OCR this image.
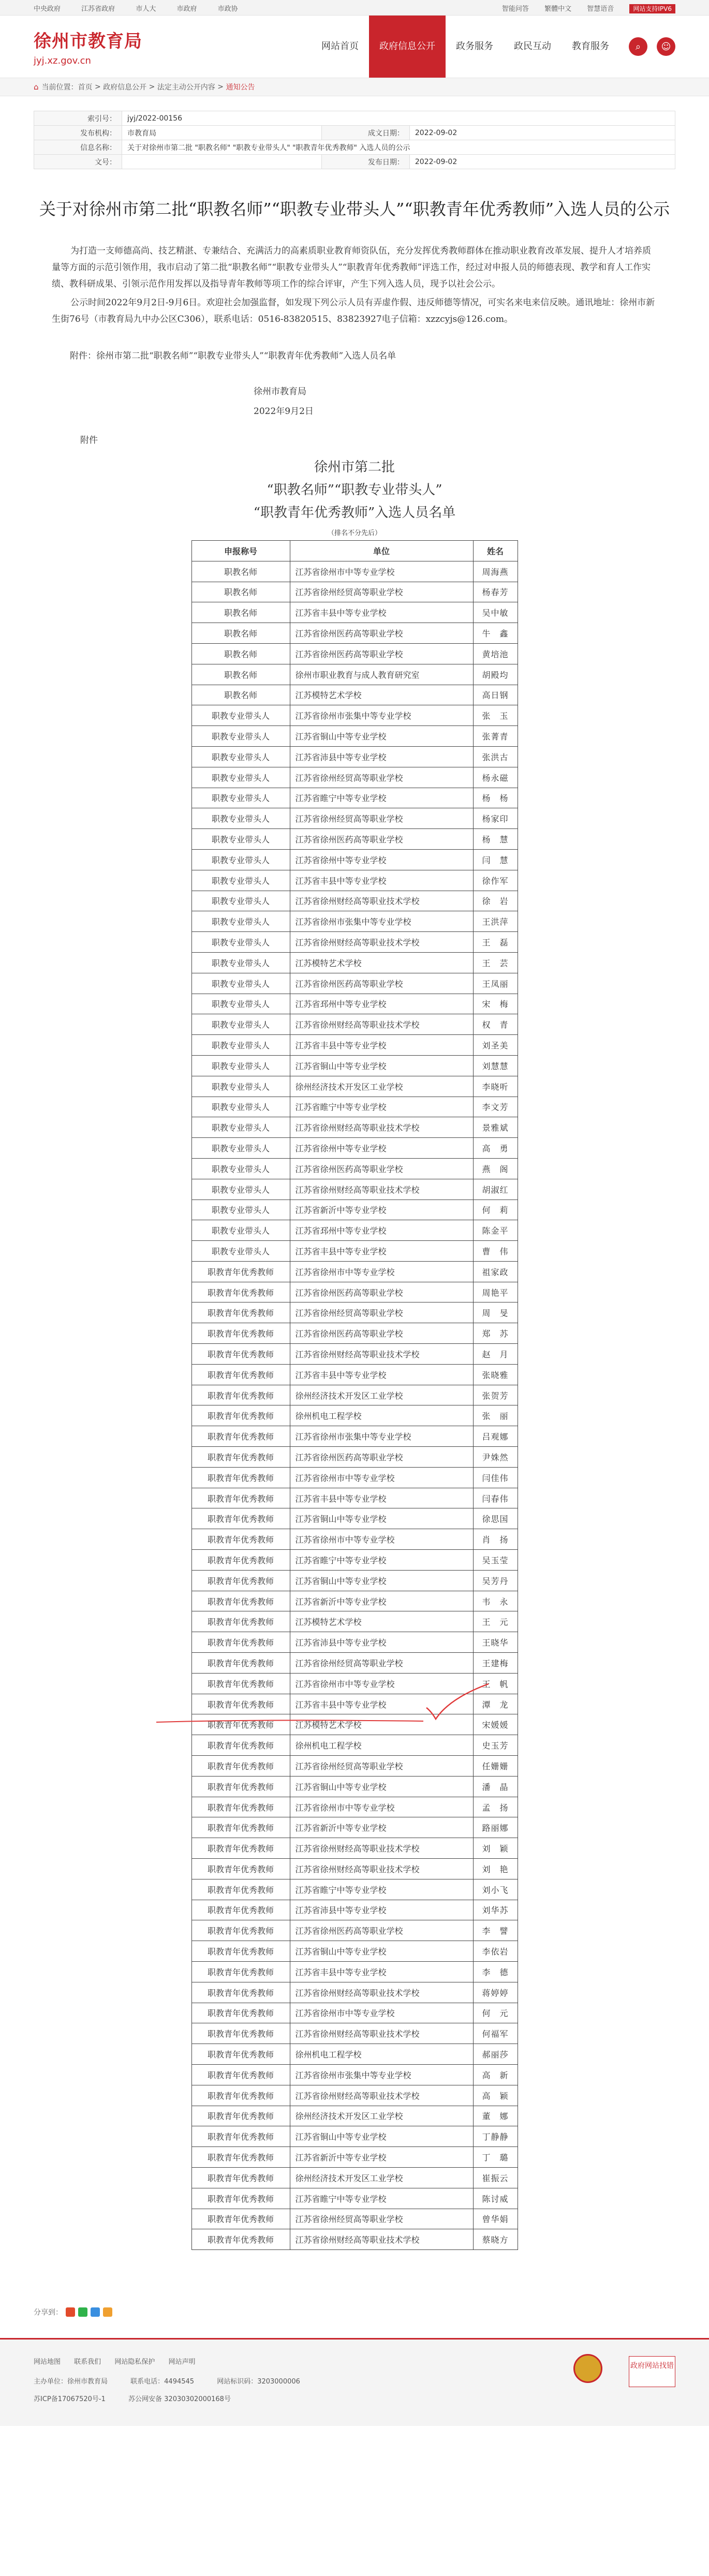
中央政府	江苏省政府	市人大	市政府	市政协	智能问答 繁體中文 智慧语音	网站支持IPV6
徐州市教育局
jyj.xz.gov.cn
网站首页	政府信息公开	政务服务	政民互动	教育服务	⌕	☺
⌂ 当前位置： 首页 > 政府信息公开 > 法定主动公开内容 > 通知公告
索引号：	jyj/2022-00156		
发布机构：	市教育局	成文日期：	2022-09-02
信息名称：	关于对徐州市第二批 "职教名师" "职教专业带头人" "职教青年优秀教师" 入选人员的公示		
文号：		发布日期：	2022-09-02
关于对徐州市第二批“职教名师”“职教专业带头人”“职教青年优秀教师”入选人员的公示
为打造一支师德高尚、技艺精湛、专兼结合、充满活力的高素质职业教育师资队伍，充分发挥优秀教师群体在推动职业教育改革发展、提升人才培养质量等方面的示范引领作用，我市启动了第二批“职教名师”“职教专业带头人”“职教青年优秀教师”评选工作，经过对申报人员的师德表现、教学和育人工作实绩、教科研成果、引领示范作用发挥以及指导青年教师等项工作的综合评审，产生下列入选人员，现予以社会公示。
公示时间2022年9月2日-9月6日。欢迎社会加强监督，如发现下列公示人员有弄虚作假、违反师德等情况，可实名来电来信反映。通讯地址：徐州市新生街76号（市教育局九中办公区C306），联系电话：0516-83820515、83823927电子信箱：xzzcyjs@126.com。
附件：徐州市第二批“职教名师”“职教专业带头人”“职教青年优秀教师”入选人员名单
徐州市教育局
2022年9月2日
附件
徐州市第二批
“职教名师”“职教专业带头人”
“职教青年优秀教师”入选人员名单
（排名不分先后）
申报称号	单位	姓名
职教名师	江苏省徐州市中等专业学校	周海燕
职教名师	江苏省徐州经贸高等职业学校	杨春芳
职教名师	江苏省丰县中等专业学校	吴中敏
职教名师	江苏省徐州医药高等职业学校	牛　鑫
职教名师	江苏省徐州医药高等职业学校	黄培池
职教名师	徐州市职业教育与成人教育研究室	胡殿均
职教名师	江苏模特艺术学校	高日钢
职教专业带头人	江苏省徐州市张集中等专业学校	张　玉
职教专业带头人	江苏省铜山中等专业学校	张菁青
职教专业带头人	江苏省沛县中等专业学校	张洪古
职教专业带头人	江苏省徐州经贸高等职业学校	杨永磁
职教专业带头人	江苏省睢宁中等专业学校	杨　杨
职教专业带头人	江苏省徐州经贸高等职业学校	杨家印
职教专业带头人	江苏省徐州医药高等职业学校	杨　慧
职教专业带头人	江苏省徐州中等专业学校	闫　慧
职教专业带头人	江苏省丰县中等专业学校	徐作军
职教专业带头人	江苏省徐州财经高等职业技术学校	徐　岩
职教专业带头人	江苏省徐州市张集中等专业学校	王洪萍
职教专业带头人	江苏省徐州财经高等职业技术学校	王　磊
职教专业带头人	江苏模特艺术学校	王　芸
职教专业带头人	江苏省徐州医药高等职业学校	王凤丽
职教专业带头人	江苏省邳州中等专业学校	宋　梅
职教专业带头人	江苏省徐州财经高等职业技术学校	权　青
职教专业带头人	江苏省丰县中等专业学校	刘圣美
职教专业带头人	江苏省铜山中等专业学校	刘慧慧
职教专业带头人	徐州经济技术开发区工业学校	李晓听
职教专业带头人	江苏省睢宁中等专业学校	李文芳
职教专业带头人	江苏省徐州财经高等职业技术学校	景雅斌
职教专业带头人	江苏省徐州中等专业学校	高　勇
职教专业带头人	江苏省徐州医药高等职业学校	燕　阁
职教专业带头人	江苏省徐州财经高等职业技术学校	胡淑红
职教专业带头人	江苏省新沂中等专业学校	何　莉
职教专业带头人	江苏省邳州中等专业学校	陈金平
职教专业带头人	江苏省丰县中等专业学校	曹　伟
职教青年优秀教师	江苏省徐州市中等专业学校	祖家政
职教青年优秀教师	江苏省徐州医药高等职业学校	周艳平
职教青年优秀教师	江苏省徐州经贸高等职业学校	周　旻
职教青年优秀教师	江苏省徐州医药高等职业学校	郑　苏
职教青年优秀教师	江苏省徐州财经高等职业技术学校	赵　月
职教青年优秀教师	江苏省丰县中等专业学校	张晓雅
职教青年优秀教师	徐州经济技术开发区工业学校	张贺芳
职教青年优秀教师	徐州机电工程学校	张　丽
职教青年优秀教师	江苏省徐州市张集中等专业学校	吕观娜
职教青年优秀教师	江苏省徐州医药高等职业学校	尹姝然
职教青年优秀教师	江苏省徐州市中等专业学校	闫佳伟
职教青年优秀教师	江苏省丰县中等专业学校	闫春伟
职教青年优秀教师	江苏省铜山中等专业学校	徐思国
职教青年优秀教师	江苏省徐州市中等专业学校	肖　扬
职教青年优秀教师	江苏省睢宁中等专业学校	吴玉莹
职教青年优秀教师	江苏省铜山中等专业学校	吴芳丹
职教青年优秀教师	江苏省新沂中等专业学校	韦　永
职教青年优秀教师	江苏模特艺术学校	王　元
职教青年优秀教师	江苏省沛县中等专业学校	王晓华
职教青年优秀教师	江苏省徐州经贸高等职业学校	王建梅
职教青年优秀教师	江苏省徐州市中等专业学校	王　帆
职教青年优秀教师	江苏省丰县中等专业学校	潭　龙
职教青年优秀教师	江苏模特艺术学校	宋媛媛
职教青年优秀教师	徐州机电工程学校	史玉芳
职教青年优秀教师	江苏省徐州经贸高等职业学校	任姗姗
职教青年优秀教师	江苏省铜山中等专业学校	潘　晶
职教青年优秀教师	江苏省徐州市中等专业学校	孟　扬
职教青年优秀教师	江苏省新沂中等专业学校	路丽娜
职教青年优秀教师	江苏省徐州财经高等职业技术学校	刘　颖
职教青年优秀教师	江苏省徐州财经高等职业技术学校	刘　艳
职教青年优秀教师	江苏省睢宁中等专业学校	刘小飞
职教青年优秀教师	江苏省沛县中等专业学校	刘华苏
职教青年优秀教师	江苏省徐州医药高等职业学校	李　譬
职教青年优秀教师	江苏省铜山中等专业学校	李依岩
职教青年优秀教师	江苏省丰县中等专业学校	李　德
职教青年优秀教师	江苏省徐州财经高等职业技术学校	蒋婷婷
职教青年优秀教师	江苏省徐州市中等专业学校	何　元
职教青年优秀教师	江苏省徐州财经高等职业技术学校	何福军
职教青年优秀教师	徐州机电工程学校	郝丽莎
职教青年优秀教师	江苏省徐州市张集中等专业学校	高　新
职教青年优秀教师	江苏省徐州财经高等职业技术学校	高　颖
职教青年优秀教师	徐州经济技术开发区工业学校	董　娜
职教青年优秀教师	江苏省铜山中等专业学校	丁静静
职教青年优秀教师	江苏省新沂中等专业学校	丁　璐
职教青年优秀教师	徐州经济技术开发区工业学校	崔振云
职教青年优秀教师	江苏省睢宁中等专业学校	陈讨威
职教青年优秀教师	江苏省徐州经贸高等职业学校	曾华娟
职教青年优秀教师	江苏省徐州财经高等职业技术学校	蔡晓方
分享到：
网站地图 联系我们 网站隐私保护 网站声明
主办单位：徐州市教育局	联系电话：4494545	网站标识码：3203000006
苏ICP备17067520号-1	苏公网安备 32030302000168号
政府网站找错
